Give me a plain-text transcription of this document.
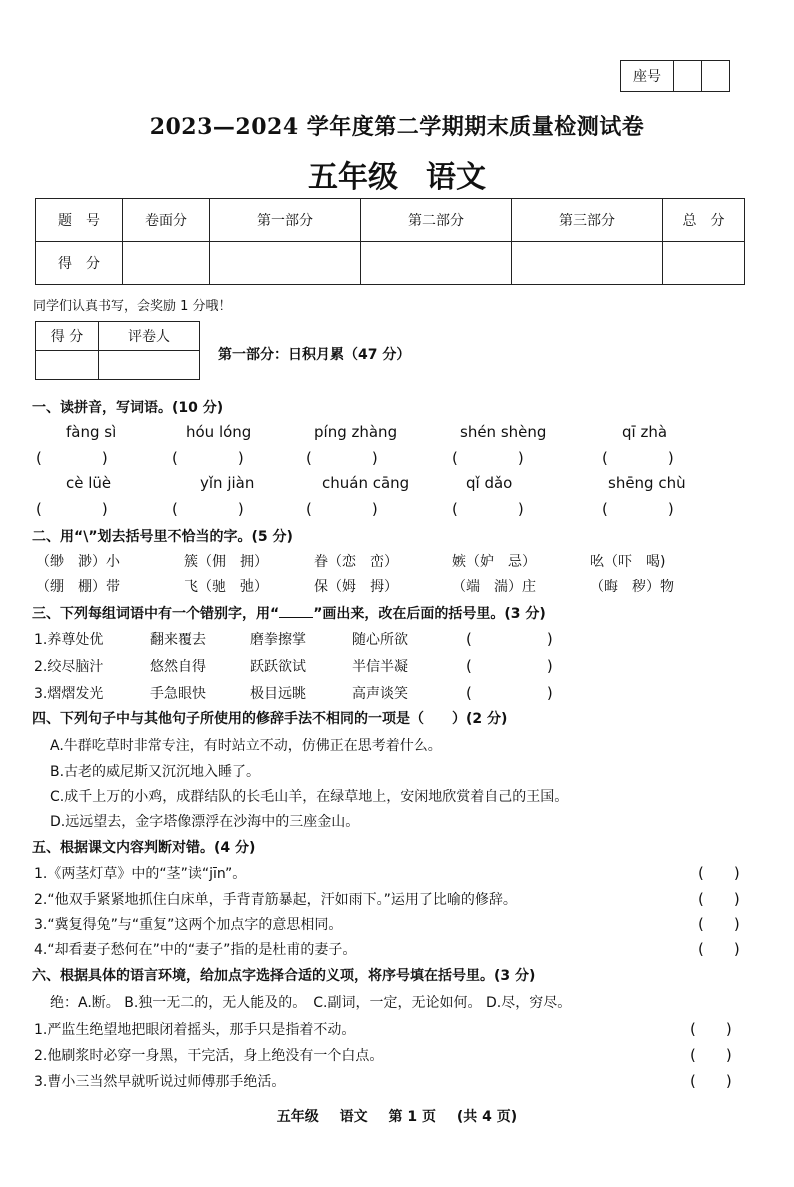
座号
2023—2024 学年度第二学期期末质量检测试卷
五年级 语文
题　号	卷面分	第一部分	第二部分	第三部分	总　分
得　分					
同学们认真书写，会奖励 1 分哦！
得 分	评卷人

第一部分：日积月累（47 分）
一、读拼音，写词语。(10 分)
fàng sì	hóu lóng	píng zhàng	shén shèng	qī zhà
(　　　　)	(　　　　)	(　　　　)	(　　　　)	(　　　　)
cè lüè	yǐn jiàn	chuán cāng	qǐ dǎo	shēng chù
(　　　　)	(　　　　)	(　　　　)	(　　　　)	(　　　　)
二、用“\”划去括号里不恰当的字。(5 分)
（缈　渺）小	簇（佣　拥）	眷（恋　峦）	嫉（妒　忌）	吆（吓　喝)
（绷　棚）带	飞（驰　弛）	保（姆　拇）	（端　湍）庄	（晦　秽）物
三、下列每组词语中有一个错别字，用“ ”画出来，改在后面的括号里。(3 分)
1.养尊处优	翻来覆去	磨拳擦掌	随心所欲	(　　　　　)
2.绞尽脑汁	悠然自得	跃跃欲试	半信半凝	(　　　　　)
3.熠熠发光	手急眼快	极目远眺	高声谈笑	(　　　　　)
四、下列句子中与其他句子所使用的修辞手法不相同的一项是（　　）(2 分)
A.牛群吃草时非常专注，有时站立不动，仿佛正在思考着什么。
B.古老的威尼斯又沉沉地入睡了。
C.成千上万的小鸡，成群结队的长毛山羊，在绿草地上，安闲地欣赏着自己的王国。
D.远远望去，金字塔像漂浮在沙海中的三座金山。
五、根据课文内容判断对错。(4 分)
1.《两茎灯草》中的“茎”读“jīn”。	(　　)
2.“他双手紧紧地抓住白床单，手背青筋暴起，汗如雨下。”运用了比喻的修辞。	(　　)
3.“冀复得兔”与“重复”这两个加点字的意思相同。	(　　)
4.“却看妻子愁何在”中的“妻子”指的是杜甫的妻子。	(　　)
六、根据具体的语言环境，给加点字选择合适的义项，将序号填在括号里。(3 分)
绝：A.断。 B.独一无二的，无人能及的。　C.副词，一定，无论如何。 D.尽，穷尽。
1.严监生绝望地把眼闭着摇头，那手只是指着不动。	(　　)
2.他刷浆时必穿一身黑，干完活，身上绝没有一个白点。	(　　)
3.曹小三当然早就听说过师傅那手绝活。	(　　)
五年级 语文 第 1 页 (共 4 页)
